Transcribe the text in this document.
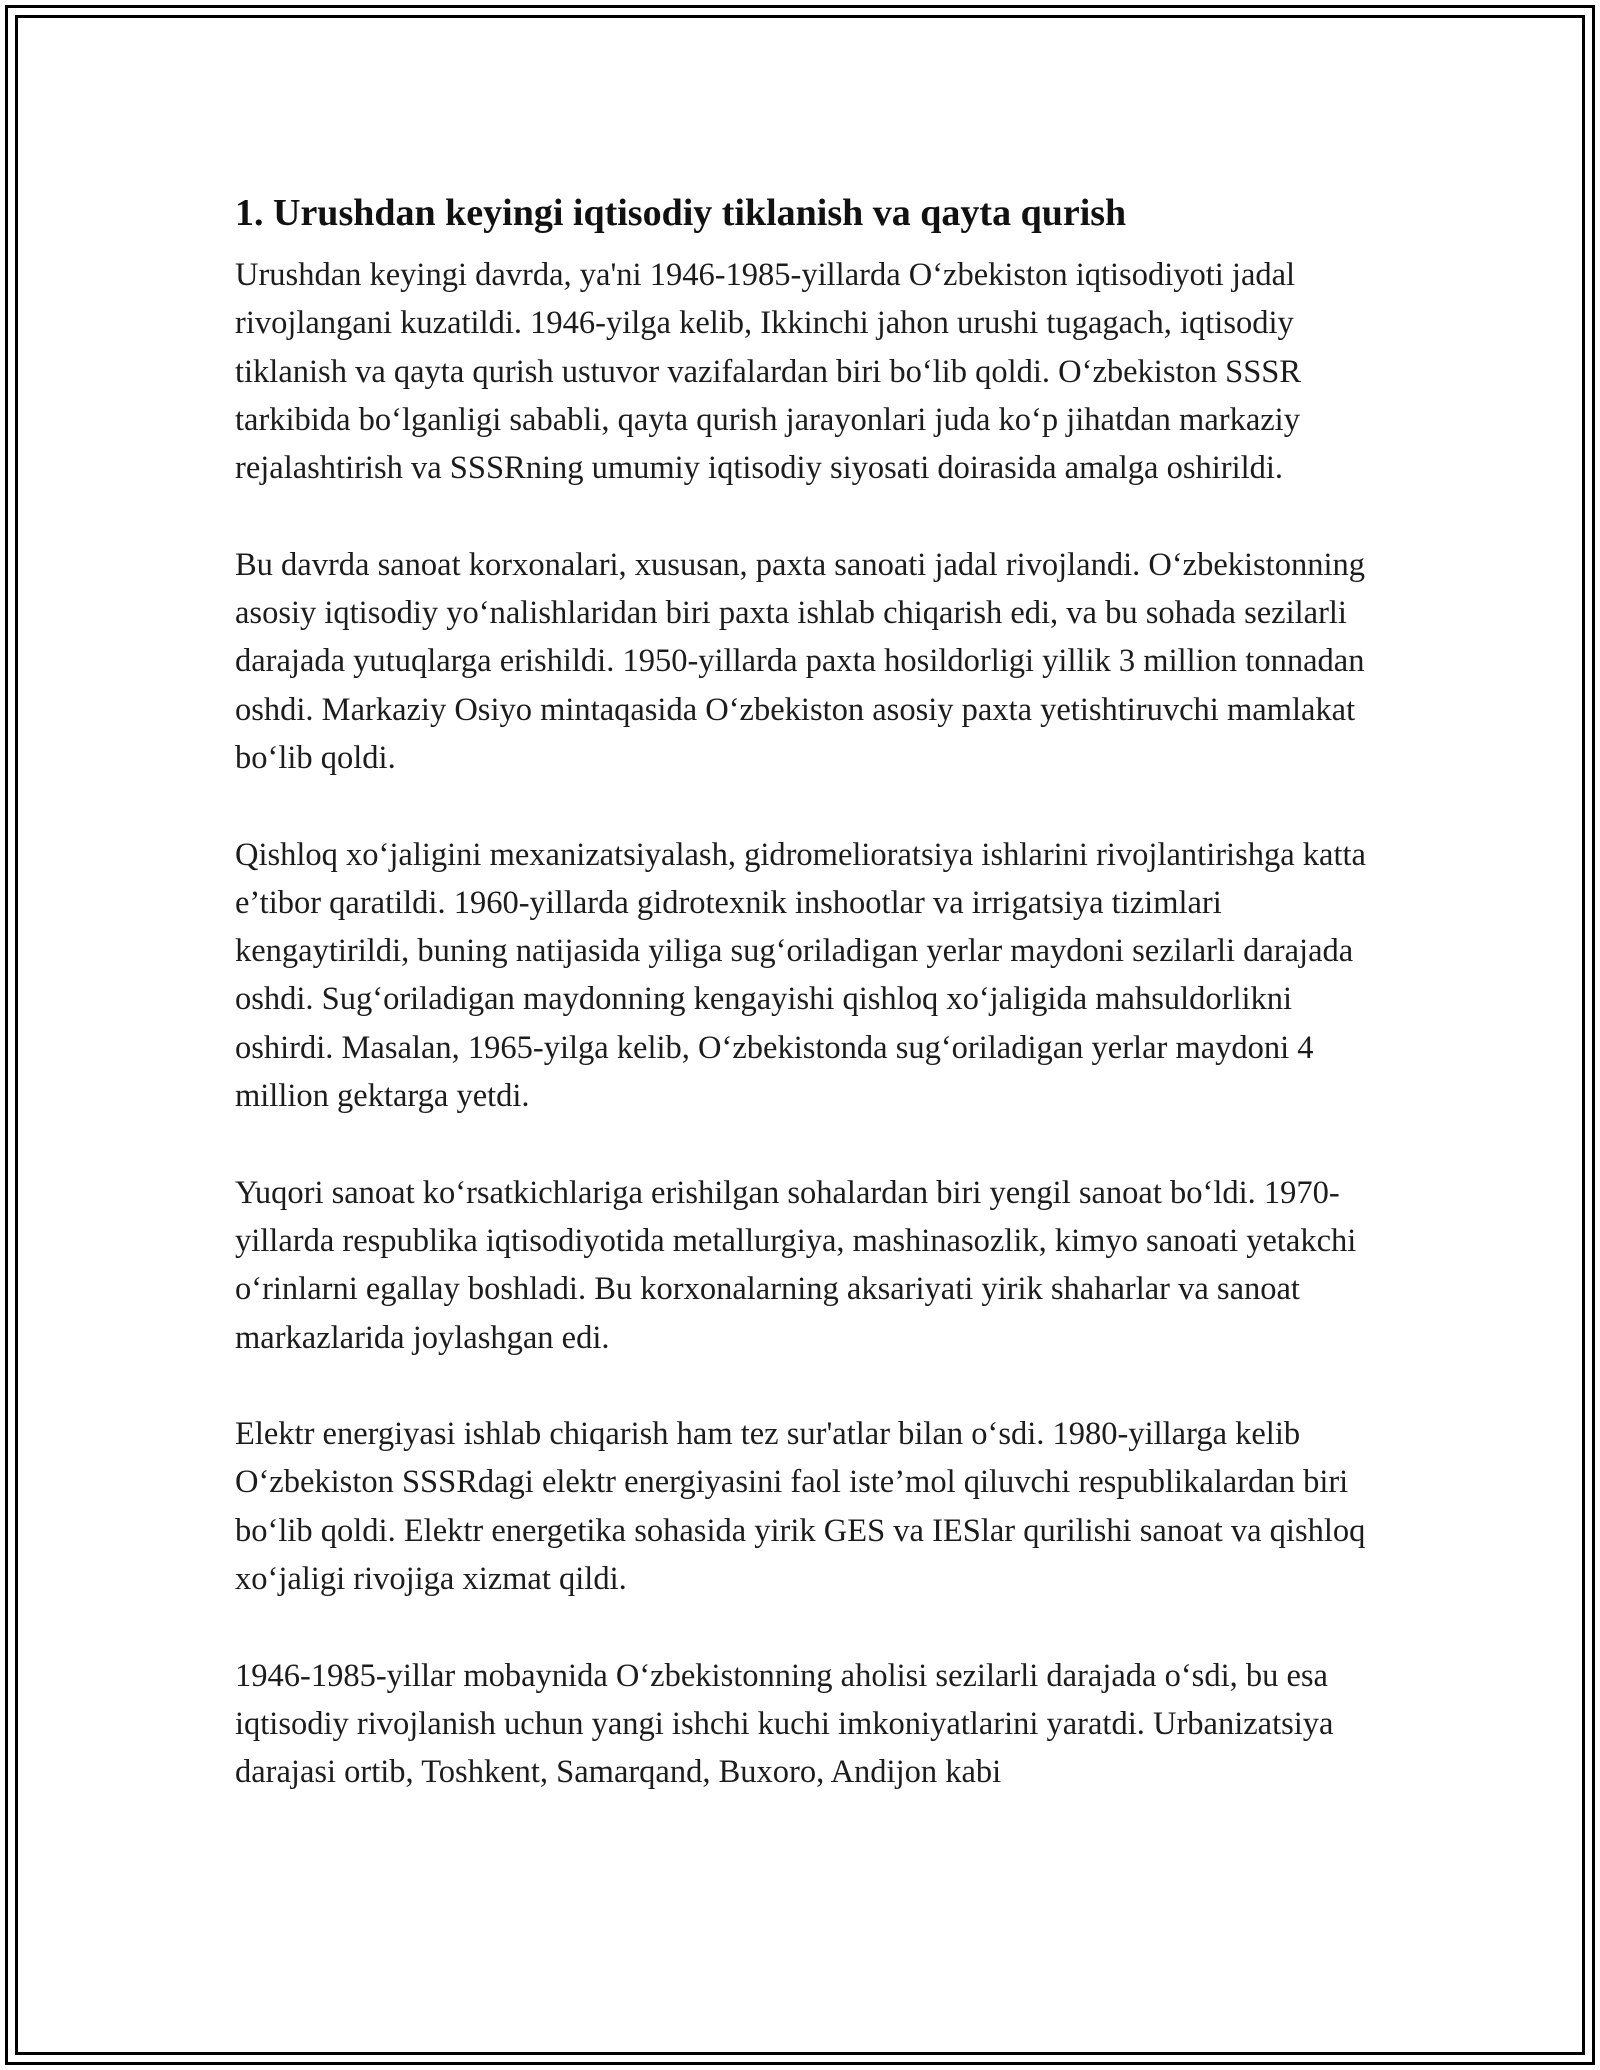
1. Urushdan keyingi iqtisodiy tiklanish va qayta qurish

Urushdan keyingi davrda, ya'ni 1946-1985-yillarda O‘zbekiston iqtisodiyoti jadal rivojlangani kuzatildi. 1946-yilga kelib, Ikkinchi jahon urushi tugagach, iqtisodiy tiklanish va qayta qurish ustuvor vazifalardan biri bo‘lib qoldi. O‘zbekiston SSSR tarkibida bo‘lganligi sababli, qayta qurish jarayonlari juda ko‘p jihatdan markaziy rejalashtirish va SSSRning umumiy iqtisodiy siyosati doirasida amalga oshirildi.

Bu davrda sanoat korxonalari, xususan, paxta sanoati jadal rivojlandi. O‘zbekistonning asosiy iqtisodiy yo‘nalishlaridan biri paxta ishlab chiqarish edi, va bu sohada sezilarli darajada yutuqlarga erishildi. 1950-yillarda paxta hosildorligi yillik 3 million tonnadan oshdi. Markaziy Osiyo mintaqasida O‘zbekiston asosiy paxta yetishtiruvchi mamlakat bo‘lib qoldi.

Qishloq xo‘jaligini mexanizatsiyalash, gidromelioratsiya ishlarini rivojlantirishga katta e’tibor qaratildi. 1960-yillarda gidrotexnik inshootlar va irrigatsiya tizimlari kengaytirildi, buning natijasida yiliga sug‘oriladigan yerlar maydoni sezilarli darajada oshdi. Sug‘oriladigan maydonning kengayishi qishloq xo‘jaligida mahsuldorlikni oshirdi. Masalan, 1965-yilga kelib, O‘zbekistonda sug‘oriladigan yerlar maydoni 4 million gektarga yetdi.

Yuqori sanoat ko‘rsatkichlariga erishilgan sohalardan biri yengil sanoat bo‘ldi. 1970-yillarda respublika iqtisodiyotida metallurgiya, mashinasozlik, kimyo sanoati yetakchi o‘rinlarni egallay boshladi. Bu korxonalarning aksariyati yirik shaharlar va sanoat markazlarida joylashgan edi.

Elektr energiyasi ishlab chiqarish ham tez sur'atlar bilan o‘sdi. 1980-yillarga kelib O‘zbekiston SSSRdagi elektr energiyasini faol iste’mol qiluvchi respublikalardan biri bo‘lib qoldi. Elektr energetika sohasida yirik GES va IESlar qurilishi sanoat va qishloq xo‘jaligi rivojiga xizmat qildi.

1946-1985-yillar mobaynida O‘zbekistonning aholisi sezilarli darajada o‘sdi, bu esa iqtisodiy rivojlanish uchun yangi ishchi kuchi imkoniyatlarini yaratdi. Urbanizatsiya darajasi ortib, Toshkent, Samarqand, Buxoro, Andijon kabi
